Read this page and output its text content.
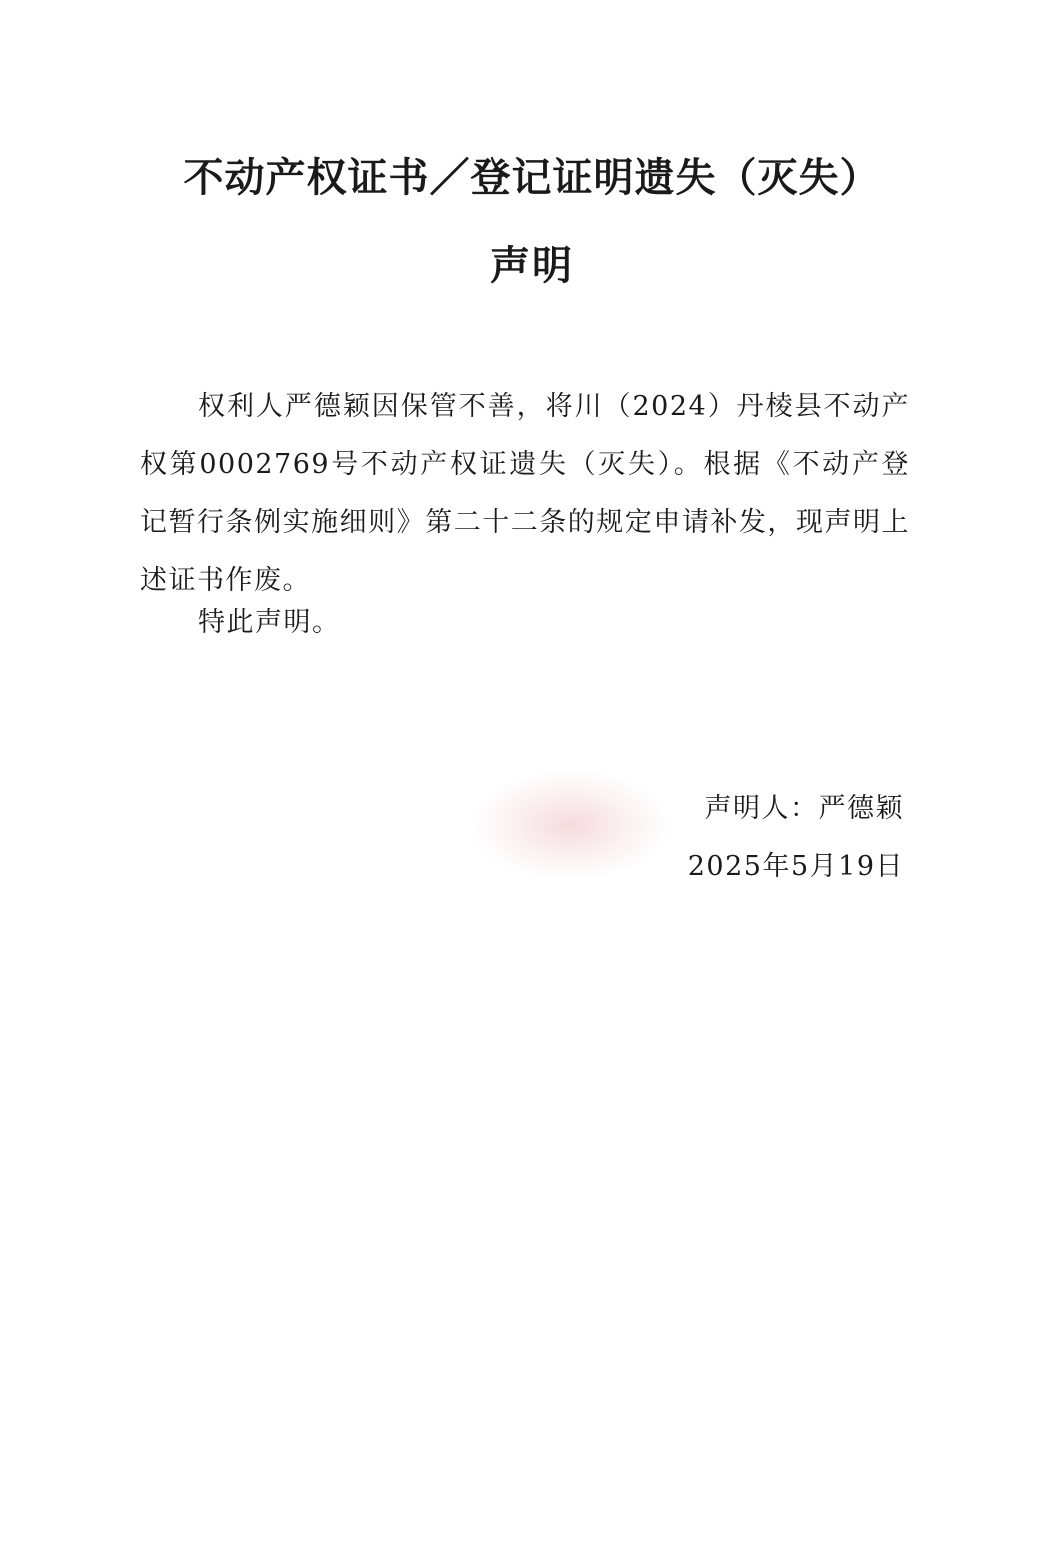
不动产权证书／登记证明遗失（灭失）
声明

权利人严德颖因保管不善，将川（2024）丹棱县不动产权第0002769号不动产权证遗失（灭失）。根据《不动产登记暂行条例实施细则》第二十二条的规定申请补发，现声明上述证书作废。

特此声明。

声明人：严德颖
2025年5月19日
